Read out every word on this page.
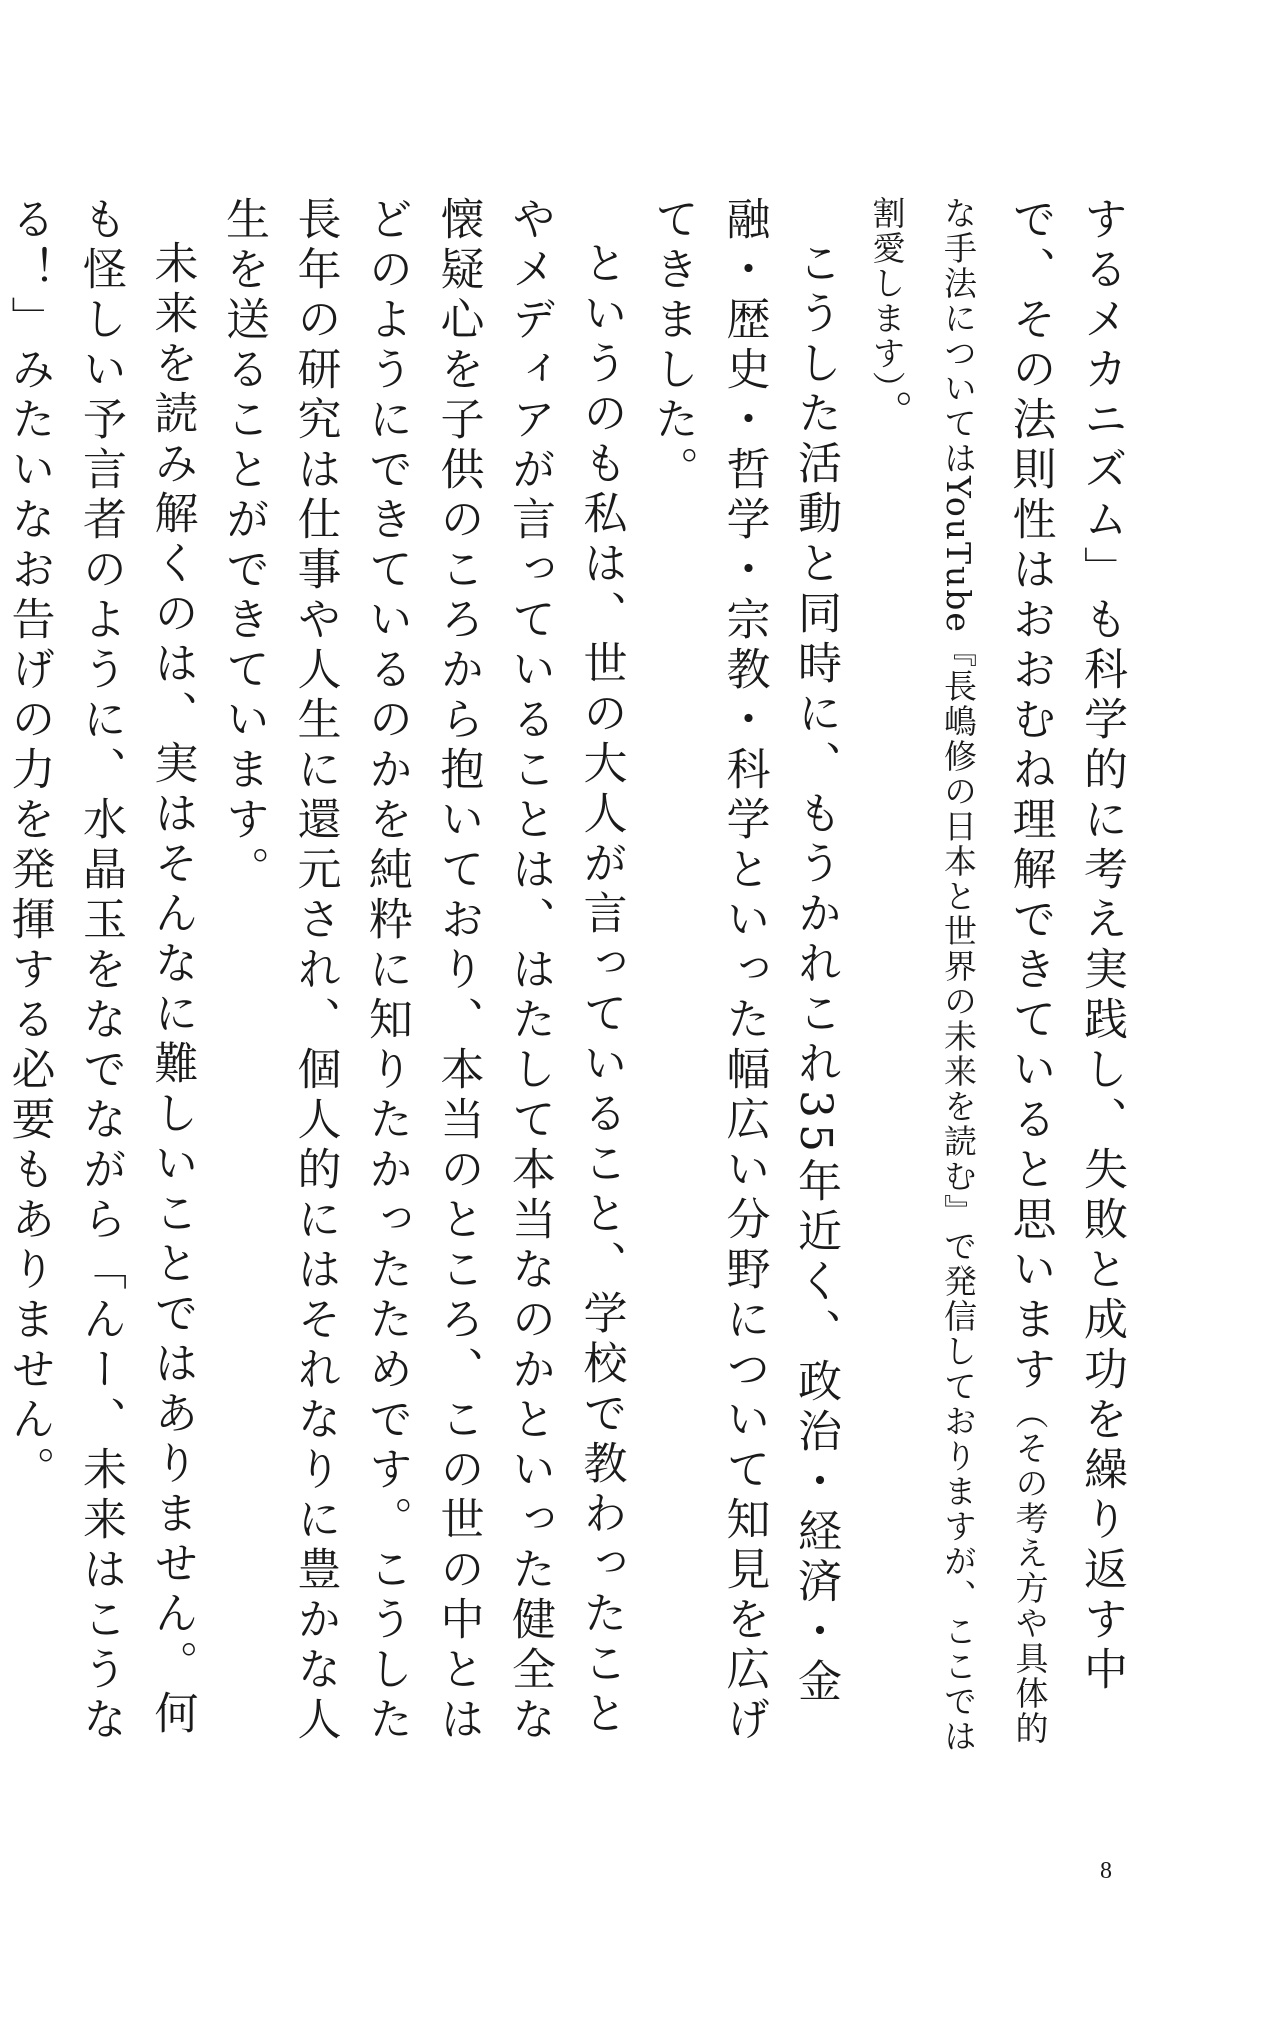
するメカニズム」も科学的に考え実践し、失敗と成功を繰り返す中で、その法則性はおおむね理解できていると思います（その考え方や具体的な手法についてはYouTube『長嶋修の日本と世界の未来を読む』で発信しておりますが、ここでは割愛します）。

こうした活動と同時に、もうかれこれ35年近く、政治・経済・金融・歴史・哲学・宗教・科学といった幅広い分野について知見を広げてきました。

というのも私は、世の大人が言っていること、学校で教わったことやメディアが言っていることは、はたして本当なのかといった健全な懐疑心を子供のころから抱いており、本当のところ、この世の中とはどのようにできているのかを純粋に知りたかったためです。こうした長年の研究は仕事や人生に還元され、個人的にはそれなりに豊かな人生を送ることができています。

未来を読み解くのは、実はそんなに難しいことではありません。何も怪しい予言者のように、水晶玉をなでながら「んー、未来はこうなる！」みたいなお告げの力を発揮する必要もありません。

8
